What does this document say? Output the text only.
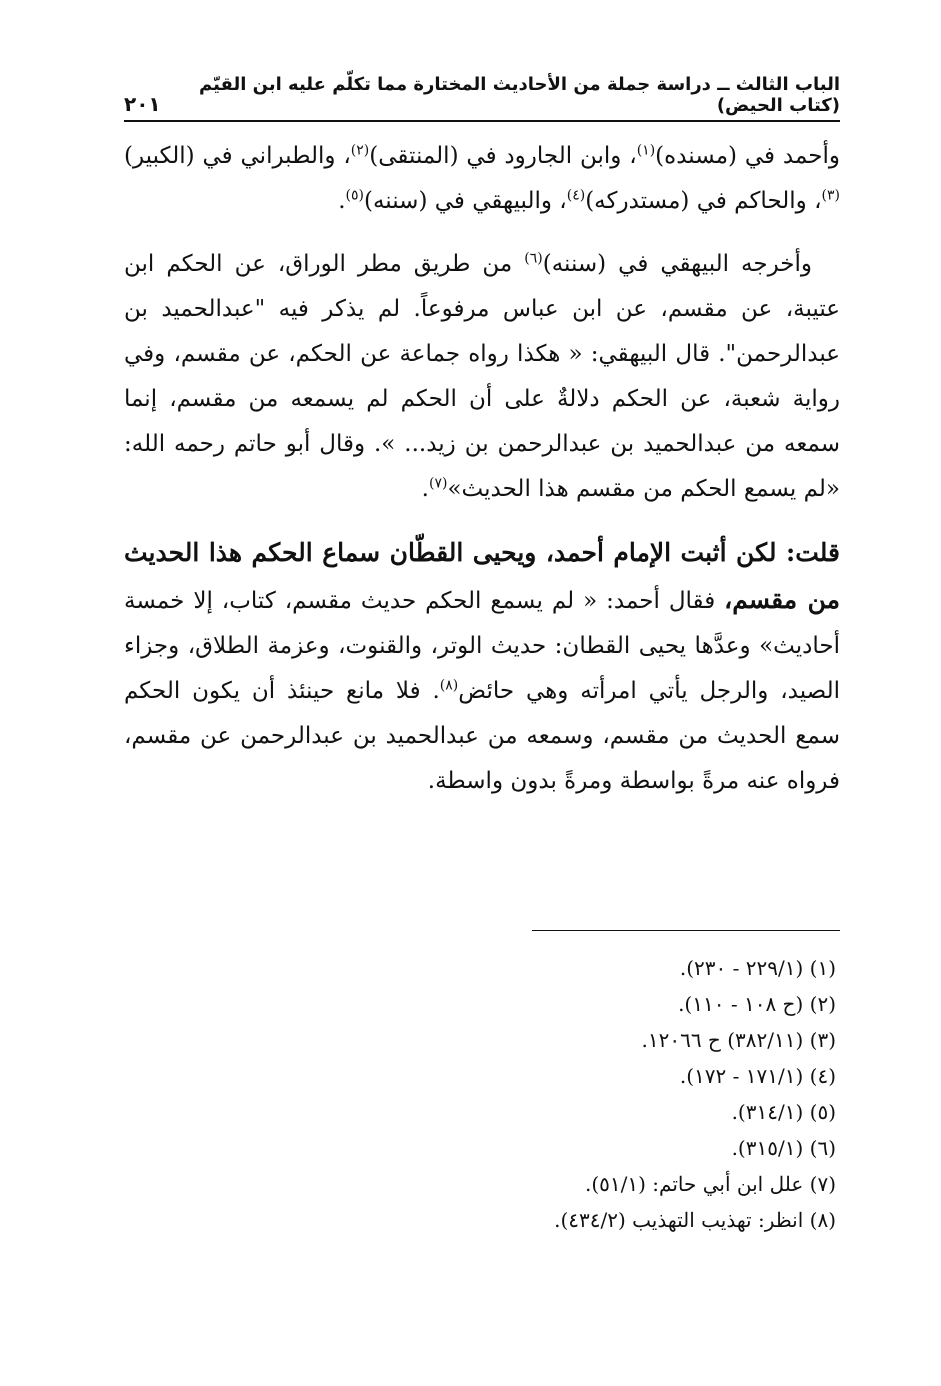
الباب الثالث ــ دراسة جملة من الأحاديث المختارة مما تكلّم عليه ابن القيّم (كتاب الحيض)
٢٠١

وأحمد في (مسنده)$^{(١)}$، وابن الجارود في (المنتقى)$^{(٢)}$، والطبراني في (الكبير)$^{(٣)}$، والحاكم في (مستدركه)$^{(٤)}$، والبيهقي في (سننه)$^{(٥)}$.

وأخرجه البيهقي في (سننه)$^{(٦)}$ من طريق مطر الوراق، عن الحكم ابن عتيبة، عن مقسم، عن ابن عباس مرفوعاً. لم يذكر فيه "عبدالحميد بن عبدالرحمن". قال البيهقي: « هكذا رواه جماعة عن الحكم، عن مقسم، وفي رواية شعبة، عن الحكم دلالةٌ على أن الحكم لم يسمعه من مقسم، إنما سمعه من عبدالحميد بن عبدالرحمن بن زيد... ». وقال أبو حاتم رحمه الله: «لم يسمع الحكم من مقسم هذا الحديث»$^{(٧)}$.

قلت: لكن أثبت الإمام أحمد، ويحيى القطّان سماع الحكم هذا الحديث من مقسم، فقال أحمد: « لم يسمع الحكم حديث مقسم، كتاب، إلا خمسة أحاديث» وعدَّها يحيى القطان: حديث الوتر، والقنوت، وعزمة الطلاق، وجزاء الصيد، والرجل يأتي امرأته وهي حائض$^{(٨)}$. فلا مانع حينئذ أن يكون الحكم سمع الحديث من مقسم، وسمعه من عبدالحميد بن عبدالرحمن عن مقسم، فرواه عنه مرةً بواسطة ومرةً بدون واسطة.

(١) (٢٢٩/١ - ٢٣٠).

(٢) (ح ١٠٨ - ١١٠).

(٣) (٣٨٢/١١) ح ١٢٠٦٦.

(٤) (١٧١/١ - ١٧٢).

(٥) (٣١٤/١).

(٦) (٣١٥/١).

(٧) علل ابن أبي حاتم: (٥١/١).

(٨) انظر: تهذيب التهذيب (٤٣٤/٢).
